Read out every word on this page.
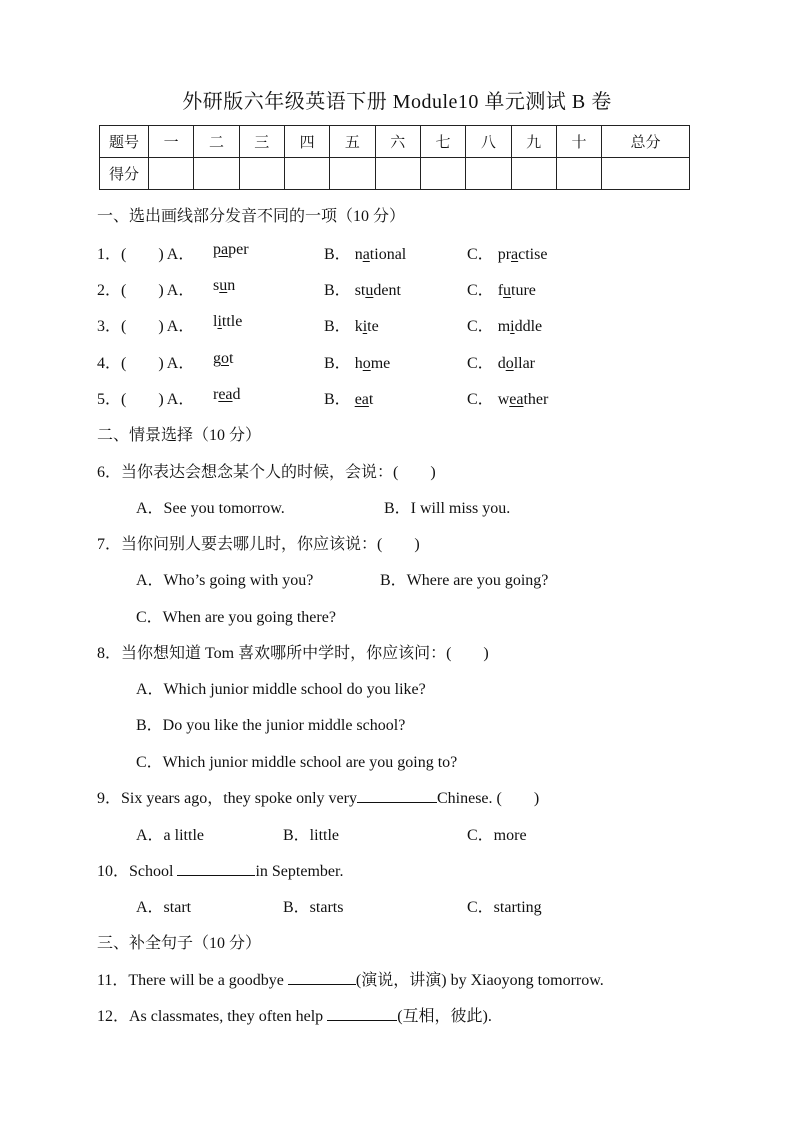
外研版六年级英语下册 Module10 单元测试 B 卷
题号	一	二	三	四	五	六	七	八	九	十	总分
得分											
一、选出画线部分发音不同的一项（10 分）
1．(　　) A． paper	B． national	C． practise
2．(　　) A． sun	B． student	C． future
3．(　　) A． little	B． kite	C． middle
4．(　　) A． got	B． home	C． dollar
5．(　　) A． read	B． eat	C． weather
二、情景选择（10 分）
6．当你表达会想念某个人的时候，会说：(　　)
A．See you tomorrow.	B．I will miss you.
7．当你问别人要去哪儿时，你应该说：(　　)
A．Who’s going with you?	B．Where are you going?
C．When are you going there?
8．当你想知道 Tom 喜欢哪所中学时，你应该问：(　　)
A．Which junior middle school do you like?
B．Do you like the junior middle school?
C．Which junior middle school are you going to?
9．Six years ago，they spoke only very	Chinese. (　　)
A．a little	B．little	C．more
10．School	in September.
A．start	B．starts	C．starting
三、补全句子（10 分）
11．There will be a goodbye	(演说，讲演) by Xiaoyong tomorrow.
12．As classmates, they often help	(互相，彼此).
